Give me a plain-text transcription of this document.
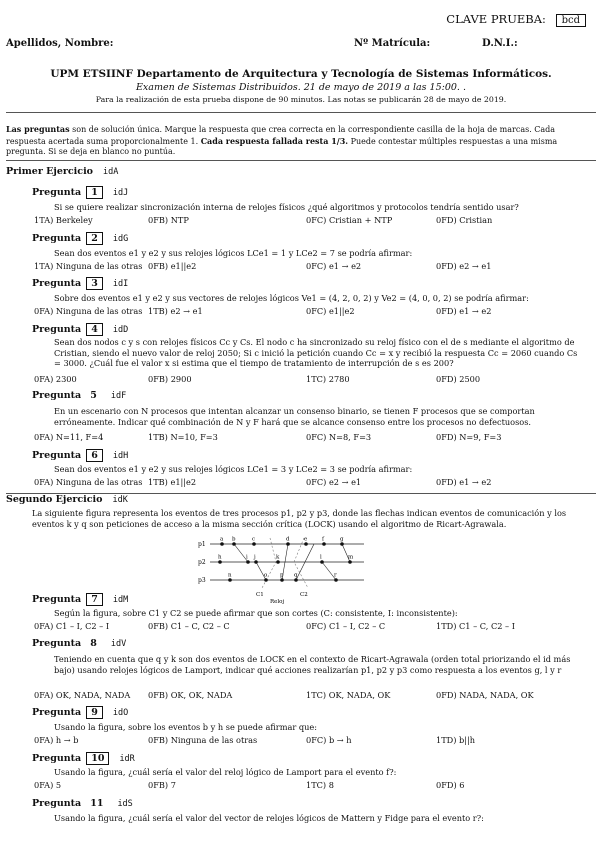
CLAVE PRUEBA: bcd
Apellidos, Nombre:	Nº Matrícula:	D.N.I.:
UPM ETSIINF Departamento de Arquitectura y Tecnología de Sistemas Informáticos.
Examen de Sistemas Distribuidos. 21 de mayo de 2019 a las 15:00. .
Para la realización de esta prueba dispone de 90 minutos. Las notas se publicarán 28 de mayo de 2019.
Las preguntas son de solución única. Marque la respuesta que crea correcta en la correspondiente casilla de la hoja de marcas. Cada respuesta acertada suma proporcionalmente 1. Cada respuesta fallada resta 1/3. Puede contestar múltiples respuestas a una misma pregunta. Si se deja en blanco no puntúa.
Primer Ejercicio idA
Pregunta 1 idJ
Si se quiere realizar sincronización interna de relojes físicos ¿qué algoritmos y protocolos tendría sentido usar?
1TA) Berkeley	0FB) NTP	0FC) Cristian + NTP	0FD) Cristian
Pregunta 2 idG
Sean dos eventos e1 y e2 y sus relojes lógicos LCe1 = 1 y LCe2 = 7 se podría afirmar:
1TA) Ninguna de las otras 0FB) e1||e2	0FC) e1 → e2	0FD) e2 → e1
Pregunta 3 idI
Sobre dos eventos e1 y e2 y sus vectores de relojes lógicos Ve1 = (4, 2, 0, 2) y Ve2 = (4, 0, 0, 2) se podría afirmar:
0FA) Ninguna de las otras 1TB) e2 → e1	0FC) e1||e2	0FD) e1 → e2
Pregunta 4 idD
Sean dos nodos c y s con relojes físicos Cc y Cs. El nodo c ha sincronizado su reloj físico con el de s mediante el algoritmo de Cristian, siendo el nuevo valor de reloj 2050; Si c inició la petición cuando Cc = x y recibió la respuesta Cc = 2060 cuando Cs = 3000. ¿Cuál fue el valor x si estima que el tiempo de tratamiento de interrupción de s es 200?
0FA) 2300	0FB) 2900	1TC) 2780	0FD) 2500
Pregunta 5 idF
En un escenario con N procesos que intentan alcanzar un consenso binario, se tienen F procesos que se comportan erróneamente. Indicar qué combinación de N y F hará que se alcance consenso entre los procesos no defectuosos.
0FA) N=11, F=4	1TB) N=10, F=3	0FC) N=8, F=3	0FD) N=9, F=3
Pregunta 6 idH
Sean dos eventos e1 y e2 y sus relojes lógicos LCe1 = 3 y LCe2 = 3 se podría afirmar:
0FA) Ninguna de las otras 1TB) e1||e2	0FC) e2 → e1	0FD) e1 → e2
Pregunta 7 idM
Según la figura, sobre C1 y C2 se puede afirmar que son cortes (C: consistente, I: inconsistente):
0FA) C1 – I, C2 – I	0FB) C1 – C, C2 – C	0FC) C1 – I, C2 – C	1TD) C1 – C, C2 – I
Pregunta 8 idV
Teniendo en cuenta que q y k son dos eventos de LOCK en el contexto de Ricart-Agrawala (orden total priorizando el id más bajo) usando relojes lógicos de Lamport, indicar qué acciones realizarían p1, p2 y p3 como respuesta a los eventos g, l y r
0FA) OK, NADA, NADA 0FB) OK, OK, NADA	1TC) OK, NADA, OK	0FD) NADA, NADA, OK
Pregunta 9 idO
Usando la figura, sobre los eventos b y h se puede afirmar que:
0FA) h → b	0FB) Ninguna de las otras	0FC) b → h	1TD) b||h
Pregunta 10 idR
Usando la figura, ¿cuál sería el valor del reloj lógico de Lamport para el evento f?:
0FA) 5	0FB) 7	1TC) 8	0FD) 6
Pregunta 11 idS
Usando la figura, ¿cuál sería el valor del vector de relojes lógicos de Mattern y Fidge para el evento r?:
Segundo Ejercicio idK
La siguiente figura representa los eventos de tres procesos p1, p2 y p3, donde las flechas indican eventos de comunicación y los eventos k y q son peticiones de acceso a la misma sección crítica (LOCK) usando el algoritmo de Ricart-Agrawala.
p1
p2
p3
a b	c	d	e	f	g
h	i j	k	l	m
n	o p q	r
C1	C2
Reloj
